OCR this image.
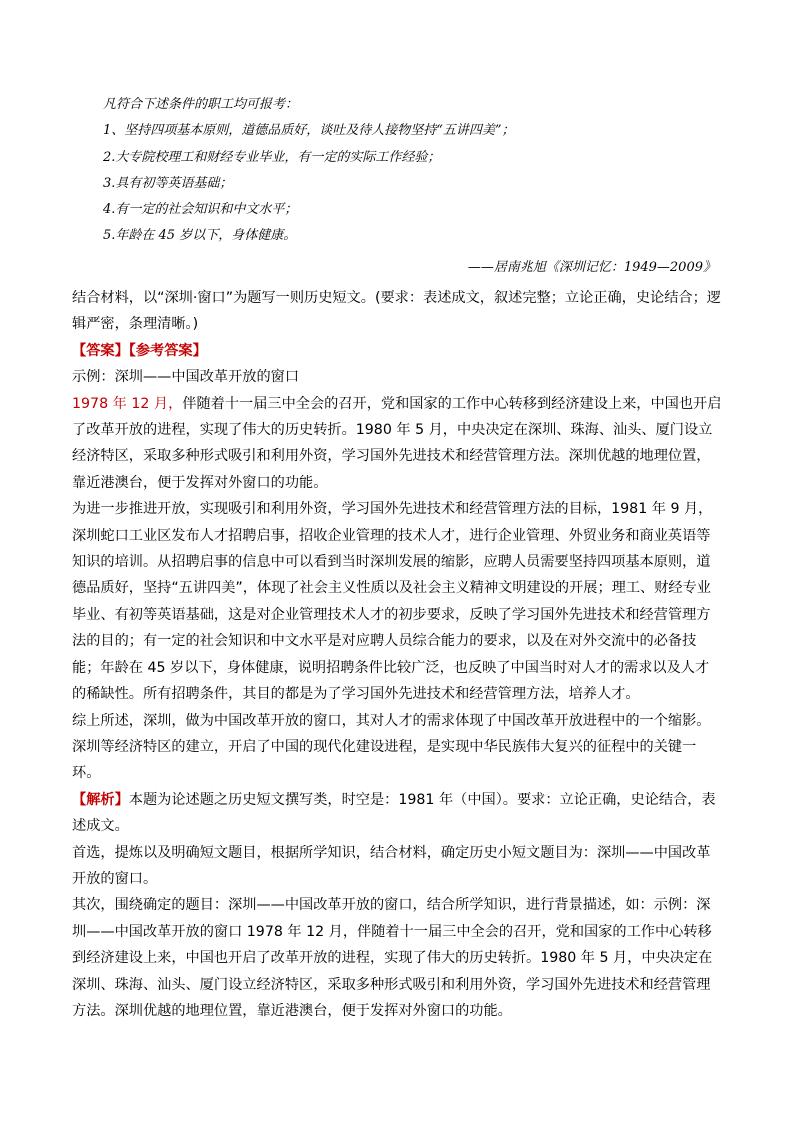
凡符合下述条件的职工均可报考：
1、坚持四项基本原则，道德品质好，谈吐及待人接物坚持“五讲四美”；
2.大专院校理工和财经专业毕业，有一定的实际工作经验；
3.具有初等英语基础；
4.有一定的社会知识和中文水平；
5.年龄在 45 岁以下，身体健康。
——居南兆旭《深圳记忆：1949—2009》

结合材料，以“深圳·窗口”为题写一则历史短文。(要求：表述成文，叙述完整；立论正确，史论结合；逻辑严密，条理清晰。)

【答案】【参考答案】

示例：深圳——中国改革开放的窗口

1978 年 12 月，伴随着十一届三中全会的召开，党和国家的工作中心转移到经济建设上来，中国也开启了改革开放的进程，实现了伟大的历史转折。1980 年 5 月，中央决定在深圳、珠海、汕头、厦门设立经济特区，采取多种形式吸引和利用外资，学习国外先进技术和经营管理方法。深圳优越的地理位置，靠近港澳台，便于发挥对外窗口的功能。

为进一步推进开放，实现吸引和利用外资，学习国外先进技术和经营管理方法的目标，1981 年 9 月，深圳蛇口工业区发布人才招聘启事，招收企业管理的技术人才，进行企业管理、外贸业务和商业英语等知识的培训。从招聘启事的信息中可以看到当时深圳发展的缩影，应聘人员需要坚持四项基本原则，道德品质好，坚持“五讲四美”，体现了社会主义性质以及社会主义精神文明建设的开展；理工、财经专业毕业、有初等英语基础，这是对企业管理技术人才的初步要求，反映了学习国外先进技术和经营管理方法的目的；有一定的社会知识和中文水平是对应聘人员综合能力的要求，以及在对外交流中的必备技能；年龄在 45 岁以下，身体健康，说明招聘条件比较广泛，也反映了中国当时对人才的需求以及人才的稀缺性。所有招聘条件，其目的都是为了学习国外先进技术和经营管理方法，培养人才。

综上所述，深圳，做为中国改革开放的窗口，其对人才的需求体现了中国改革开放进程中的一个缩影。深圳等经济特区的建立，开启了中国的现代化建设进程，是实现中华民族伟大复兴的征程中的关键一环。

【解析】本题为论述题之历史短文撰写类，时空是：1981 年（中国）。要求：立论正确，史论结合，表述成文。

首选，提炼以及明确短文题目，根据所学知识，结合材料，确定历史小短文题目为：深圳——中国改革开放的窗口。

其次，围绕确定的题目：深圳——中国改革开放的窗口，结合所学知识，进行背景描述，如：示例：深圳——中国改革开放的窗口 1978 年 12 月，伴随着十一届三中全会的召开，党和国家的工作中心转移到经济建设上来，中国也开启了改革开放的进程，实现了伟大的历史转折。1980 年 5 月，中央决定在深圳、珠海、汕头、厦门设立经济特区，采取多种形式吸引和利用外资，学习国外先进技术和经营管理方法。深圳优越的地理位置，靠近港澳台，便于发挥对外窗口的功能。
